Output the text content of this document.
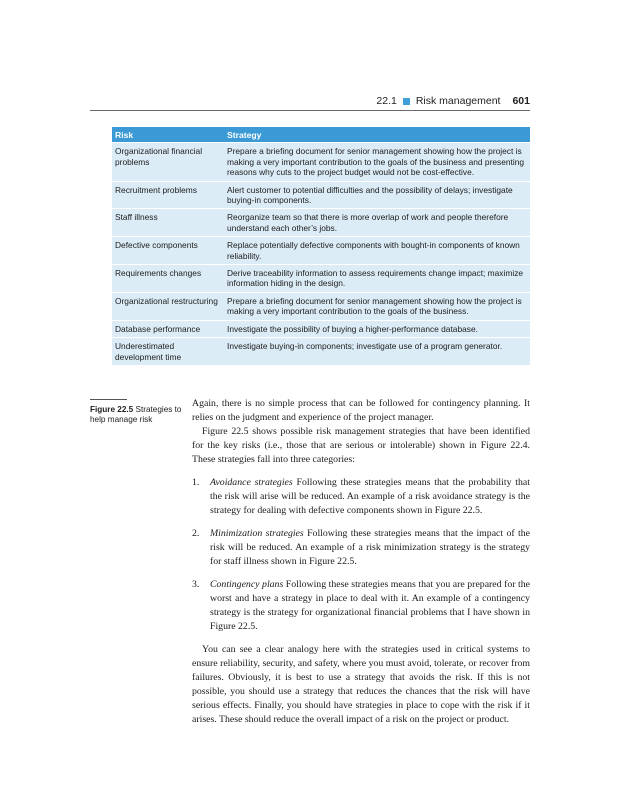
22.1 Risk management 601
Risk	Strategy
Organizational financial problems	Prepare a briefing document for senior management showing how the project is making a very important contribution to the goals of the business and presenting reasons why cuts to the project budget would not be cost-effective.
Recruitment problems	Alert customer to potential difficulties and the possibility of delays; investigate buying-in components.
Staff illness	Reorganize team so that there is more overlap of work and people therefore understand each other’s jobs.
Defective components	Replace potentially defective components with bought-in components of known reliability.
Requirements changes	Derive traceability information to assess requirements change impact; maximize information hiding in the design.
Organizational restructuring	Prepare a briefing document for senior management showing how the project is making a very important contribution to the goals of the business.
Database performance	Investigate the possibility of buying a higher-performance database.
Underestimated development time	Investigate buying-in components; investigate use of a program generator.
Figure 22.5 Strategies to help manage risk

Again, there is no simple process that can be followed for contingency planning. It relies on the judgment and experience of the project manager.

Figure 22.5 shows possible risk management strategies that have been identified for the key risks (i.e., those that are serious or intolerable) shown in Figure 22.4. These strategies fall into three categories:

1. Avoidance strategies Following these strategies means that the probability that the risk will arise will be reduced. An example of a risk avoidance strategy is the strategy for dealing with defective components shown in Figure 22.5.
2. Minimization strategies Following these strategies means that the impact of the risk will be reduced. An example of a risk minimization strategy is the strategy for staff illness shown in Figure 22.5.
3. Contingency plans Following these strategies means that you are prepared for the worst and have a strategy in place to deal with it. An example of a contingency strategy is the strategy for organizational financial problems that I have shown in Figure 22.5.

You can see a clear analogy here with the strategies used in critical systems to ensure reliability, security, and safety, where you must avoid, tolerate, or recover from failures. Obviously, it is best to use a strategy that avoids the risk. If this is not possible, you should use a strategy that reduces the chances that the risk will have serious effects. Finally, you should have strategies in place to cope with the risk if it arises. These should reduce the overall impact of a risk on the project or product.
